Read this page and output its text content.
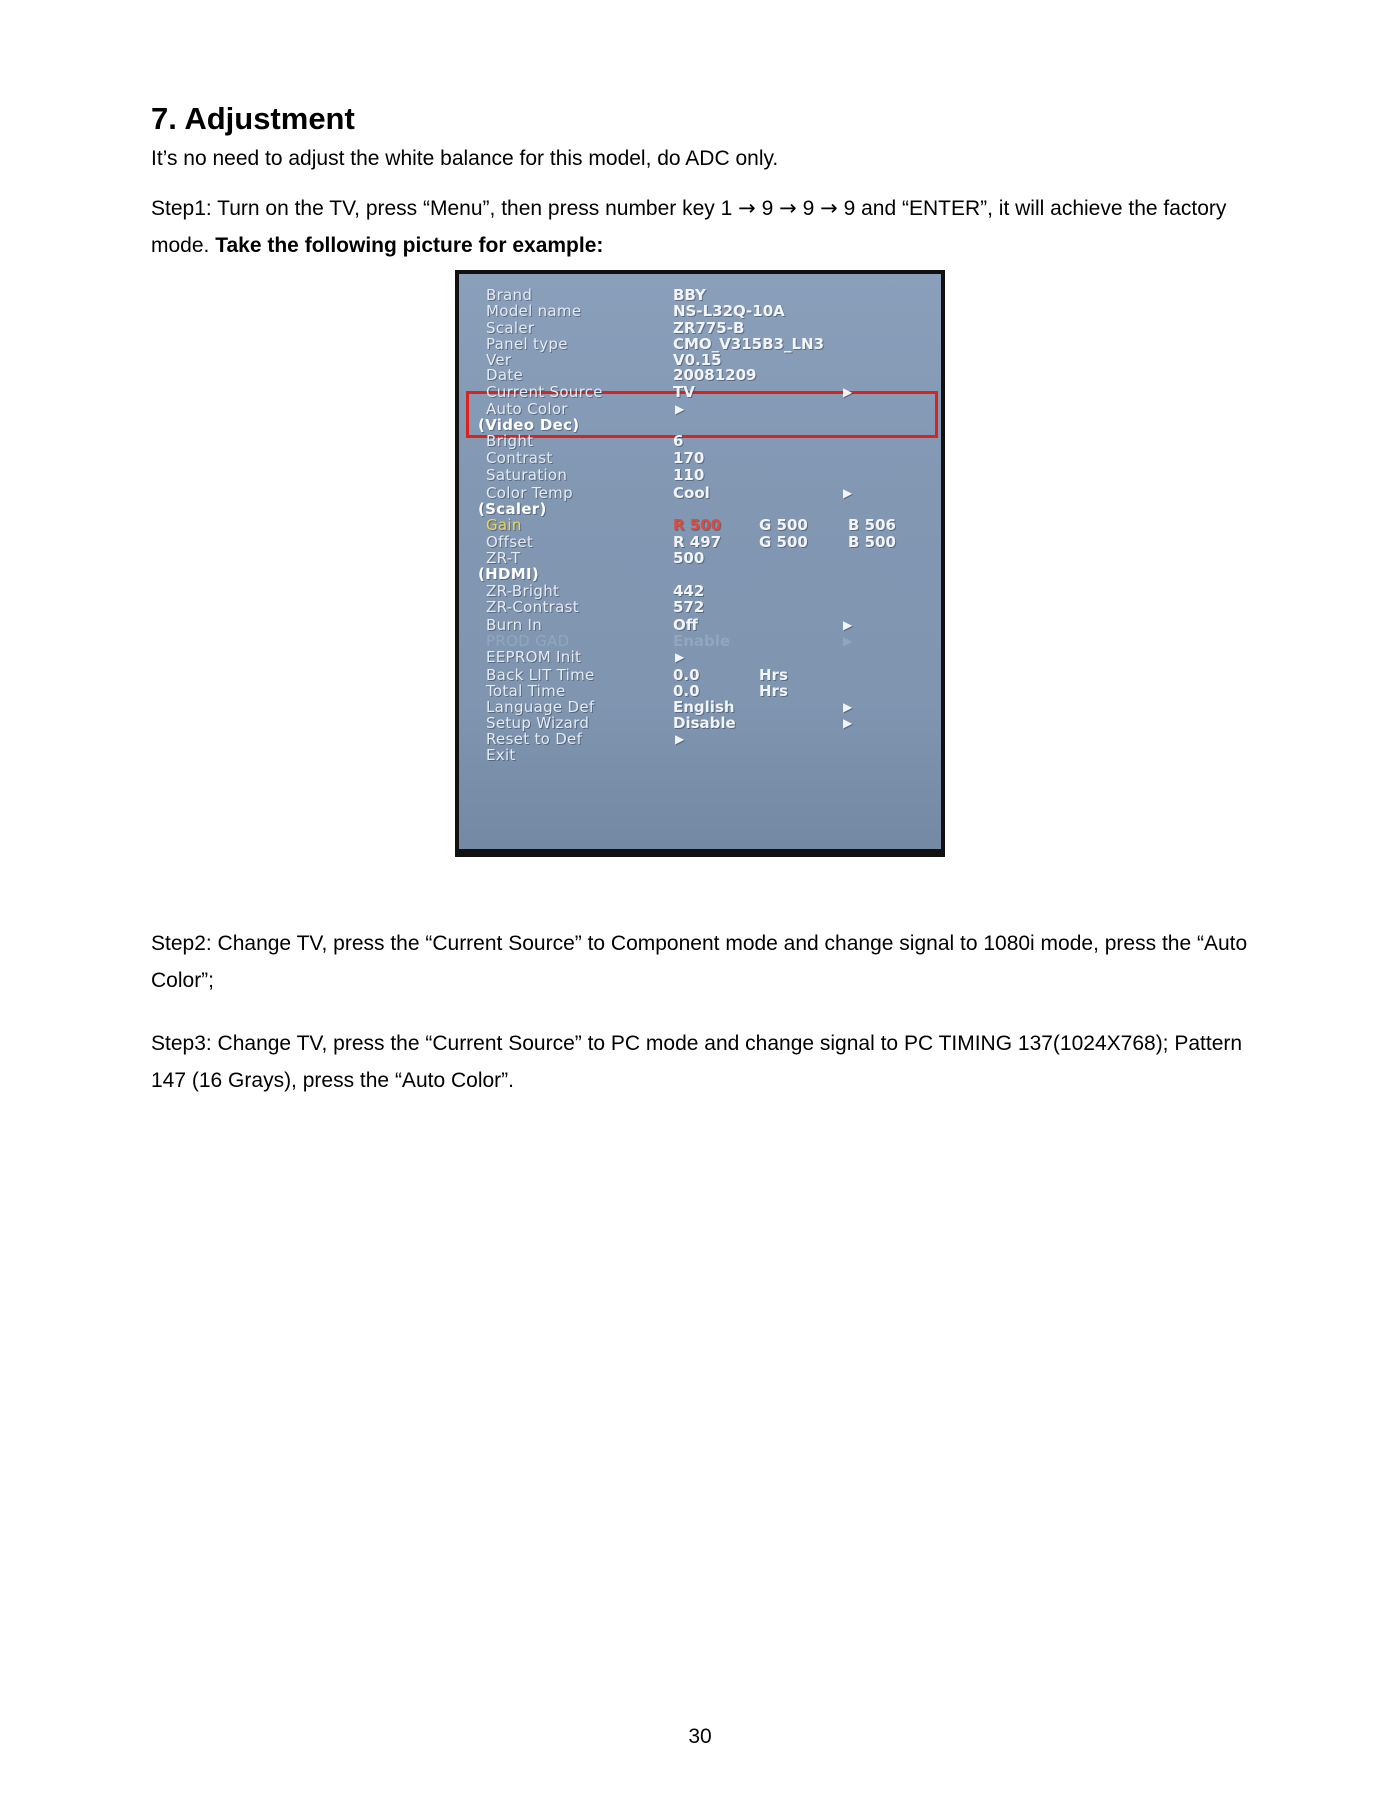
7. Adjustment

It’s no need to adjust the white balance for this model, do ADC only.

Step1: Turn on the TV, press “Menu”, then press number key 1 → 9 → 9 → 9 and “ENTER”, it will achieve the factory mode. Take the following picture for example:

Brand	BBY
Model name	NS-L32Q-10A
Scaler	ZR775-B
Panel type	CMO_V315B3_LN3
Ver	V0.15
Date	20081209
Current Source	TV	▶
Auto Color	▶
(Video Dec)
Bright	6
Contrast	170
Saturation	110
Color Temp	Cool	▶
(Scaler)
Gain	R 500	G 500	B 506
Offset	R 497	G 500	B 500
ZR-T	500
(HDMI)
ZR-Bright	442
ZR-Contrast	572
Burn In	Off	▶
PROD GAD	Enable	▶
EEPROM Init	▶
Back LIT Time	0.0	Hrs
Total Time	0.0	Hrs
Language Def	English	▶
Setup Wizard	Disable	▶
Reset to Def	▶
Exit

Step2: Change TV, press the “Current Source” to Component mode and change signal to 1080i mode, press the “Auto Color”;

Step3: Change TV, press the “Current Source” to PC mode and change signal to PC TIMING 137(1024X768); Pattern 147 (16 Grays), press the “Auto Color”.

30
